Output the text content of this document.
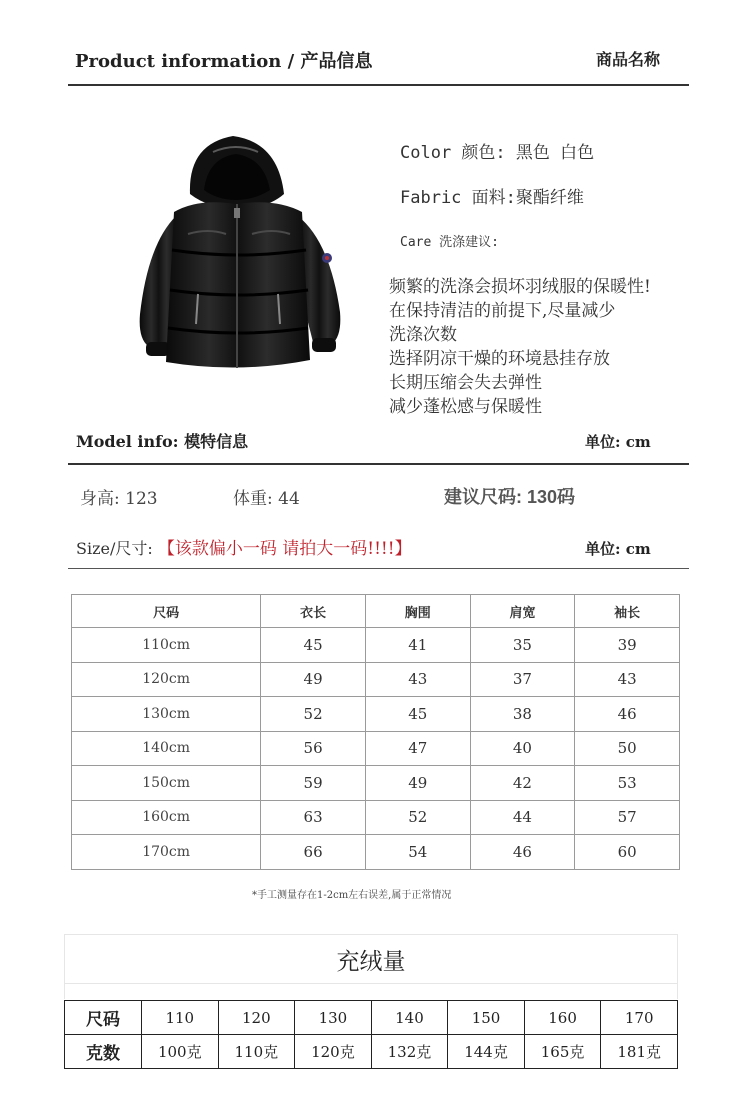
Product information / 产品信息	商品名称
Color 颜色: 黑色 白色
Fabric 面料:聚酯纤维
Care 洗涤建议:
频繁的洗涤会损坏羽绒服的保暖性!
在保持清洁的前提下,尽量减少
洗涤次数
选择阴凉干燥的环境悬挂存放
长期压缩会失去弹性
减少蓬松感与保暖性
Model info: 模特信息	单位: cm
身高: 123	体重: 44	建议尺码: 130码
Size/尺寸: 【该款偏小一码 请拍大一码!!!!】	单位: cm
尺码	衣长	胸围	肩宽	袖长
110cm	45	41	35	39
120cm	49	43	37	43
130cm	52	45	38	46
140cm	56	47	40	50
150cm	59	49	42	53
160cm	63	52	44	57
170cm	66	54	46	60
*手工测量存在1-2cm左右误差,属于正常情况
充绒量
尺码	110	120	130	140	150	160	170
克数	100克	110克	120克	132克	144克	165克	181克
